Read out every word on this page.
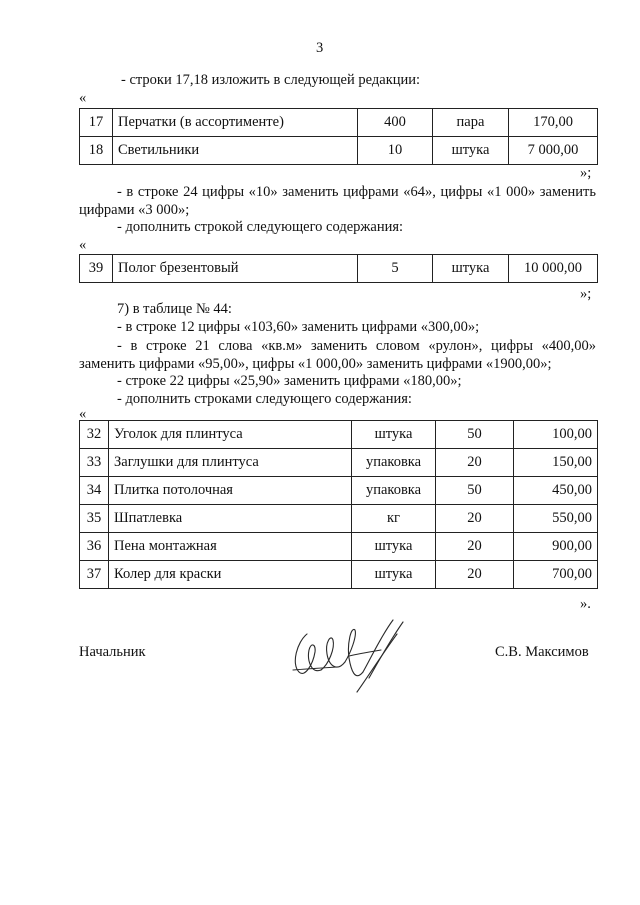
3
- строки 17,18 изложить в следующей редакции:
«
17	Перчатки (в ассортименте)	400	пара	170,00
18	Светильники	10	штука	7 000,00
»;
- в строке 24 цифры «10» заменить цифрами «64», цифры «1 000» заменить цифрами «3 000»;
- дополнить строкой следующего содержания:
«
39	Полог брезентовый	5	штука	10 000,00
»;
7) в таблице № 44:
- в строке 12 цифры «103,60» заменить цифрами «300,00»;
- в строке 21 слова «кв.м» заменить словом «рулон», цифры «400,00» заменить цифрами «95,00», цифры «1 000,00» заменить цифрами «1900,00»;
- строке 22 цифры «25,90» заменить цифрами «180,00»;
- дополнить строками следующего содержания:
«
32	Уголок для плинтуса	штука	50	100,00
33	Заглушки для плинтуса	упаковка	20	150,00
34	Плитка потолочная	упаковка	50	450,00
35	Шпатлевка	кг	20	550,00
36	Пена монтажная	штука	20	900,00
37	Колер для краски	штука	20	700,00
».
Начальник	С.В. Максимов
